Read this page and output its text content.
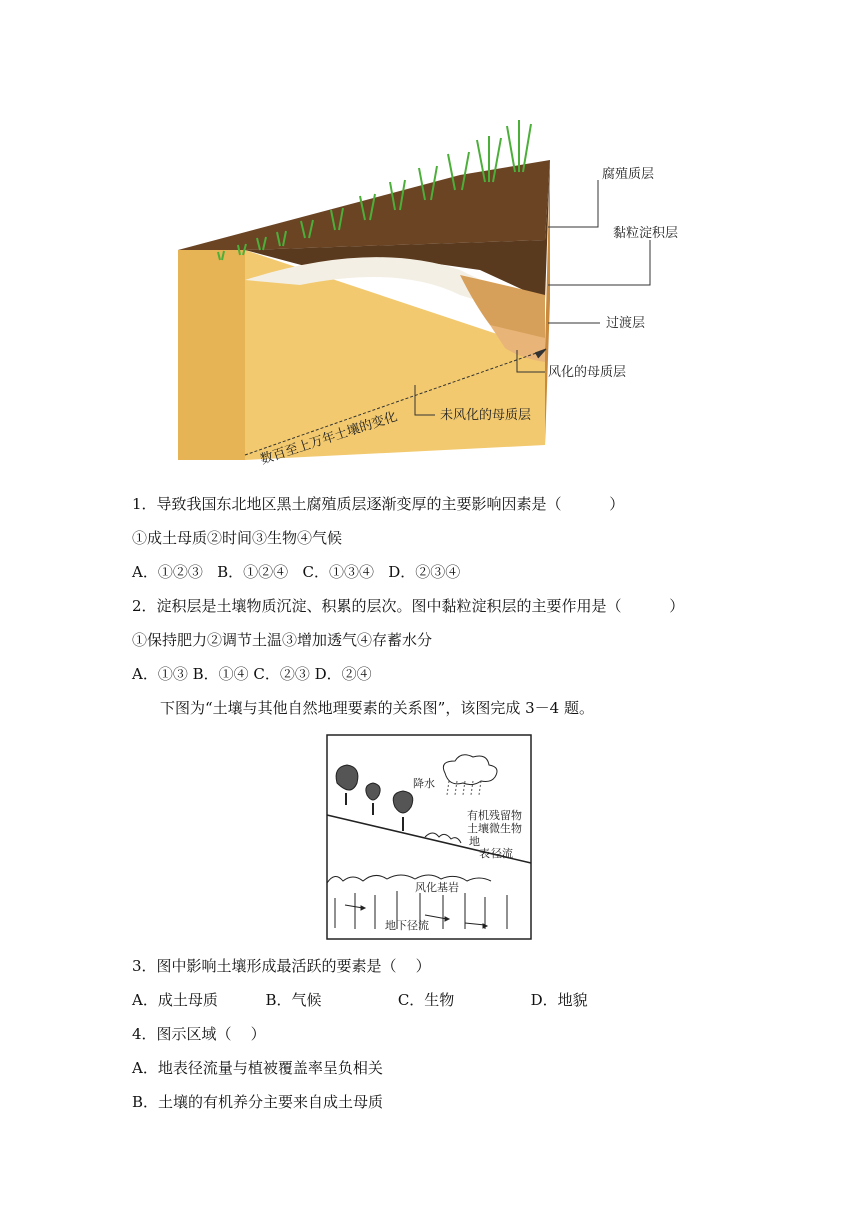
腐殖质层
黏粒淀积层
过渡层
风化的母质层
未风化的母质层
数百至上万年土壤的变化
1．导致我国东北地区黑土腐殖质层逐渐变厚的主要影响因素是（          ）
①成土母质②时间③生物④气候
A．①②③   B．①②④   C．①③④   D．②③④
2．淀积层是土壤物质沉淀、积累的层次。图中黏粒淀积层的主要作用是（          ）
①保持肥力②调节土温③增加透气④存蓄水分
A．①③ B．①④ C．②③ D．②④
下图为“土壤与其他自然地理要素的关系图”，该图完成 3－4 题。
降水
有机残留物
土壤微生物
地
表 径流
风化基岩
地下径流
3．图中影响土壤形成最活跃的要素是（    ）
A．成土母质          B．气候                C．生物                D．地貌
4．图示区域（    ）
A．地表径流量与植被覆盖率呈负相关
B．土壤的有机养分主要来自成土母质
